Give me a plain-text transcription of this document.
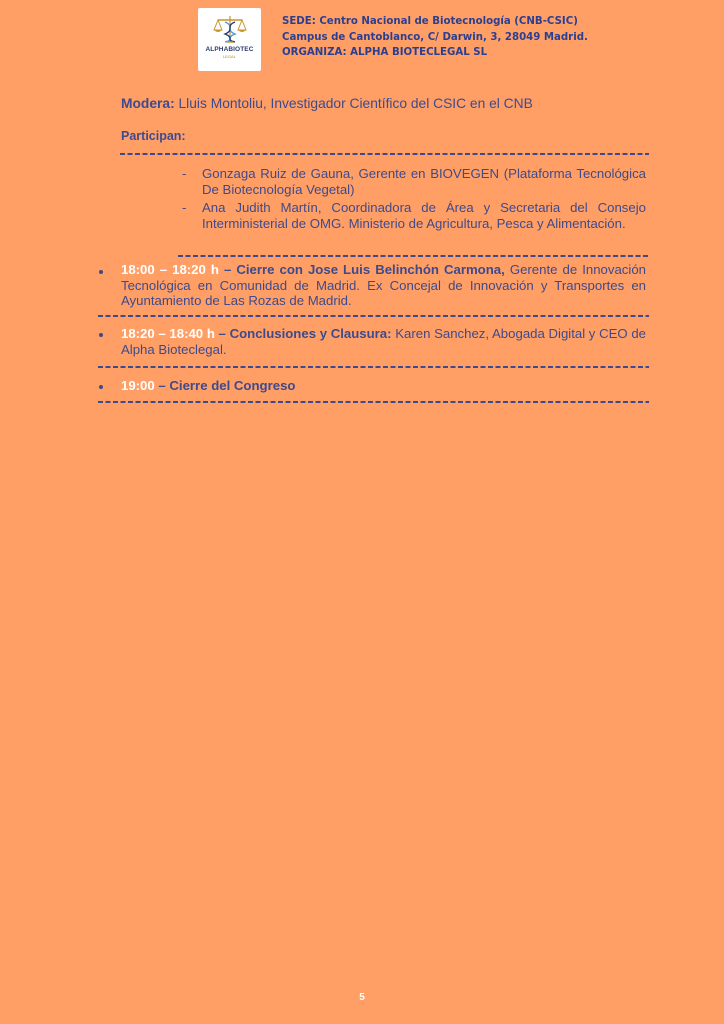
ALPHABIOTEC
LEGAL
SEDE: Centro Nacional de Biotecnología (CNB-CSIC)
Campus de Cantoblanco, C/ Darwin, 3, 28049 Madrid.
ORGANIZA: ALPHA BIOTECLEGAL SL
Modera: Lluis Montoliu, Investigador Científico del CSIC en el CNB
Participan:
- Gonzaga Ruiz de Gauna, Gerente en BIOVEGEN (Plataforma Tecnológica De Biotecnología Vegetal)
- Ana Judith Martín, Coordinadora de Área y Secretaria del Consejo Interministerial de OMG. Ministerio de Agricultura, Pesca y Alimentación.
18:00 – 18:20 h – Cierre con Jose Luis Belinchón Carmona, Gerente de Innovación Tecnológica en Comunidad de Madrid. Ex Concejal de Innovación y Transportes en Ayuntamiento de Las Rozas de Madrid.
18:20 – 18:40 h – Conclusiones y Clausura: Karen Sanchez, Abogada Digital y CEO de Alpha Bioteclegal.
19:00 – Cierre del Congreso
5
